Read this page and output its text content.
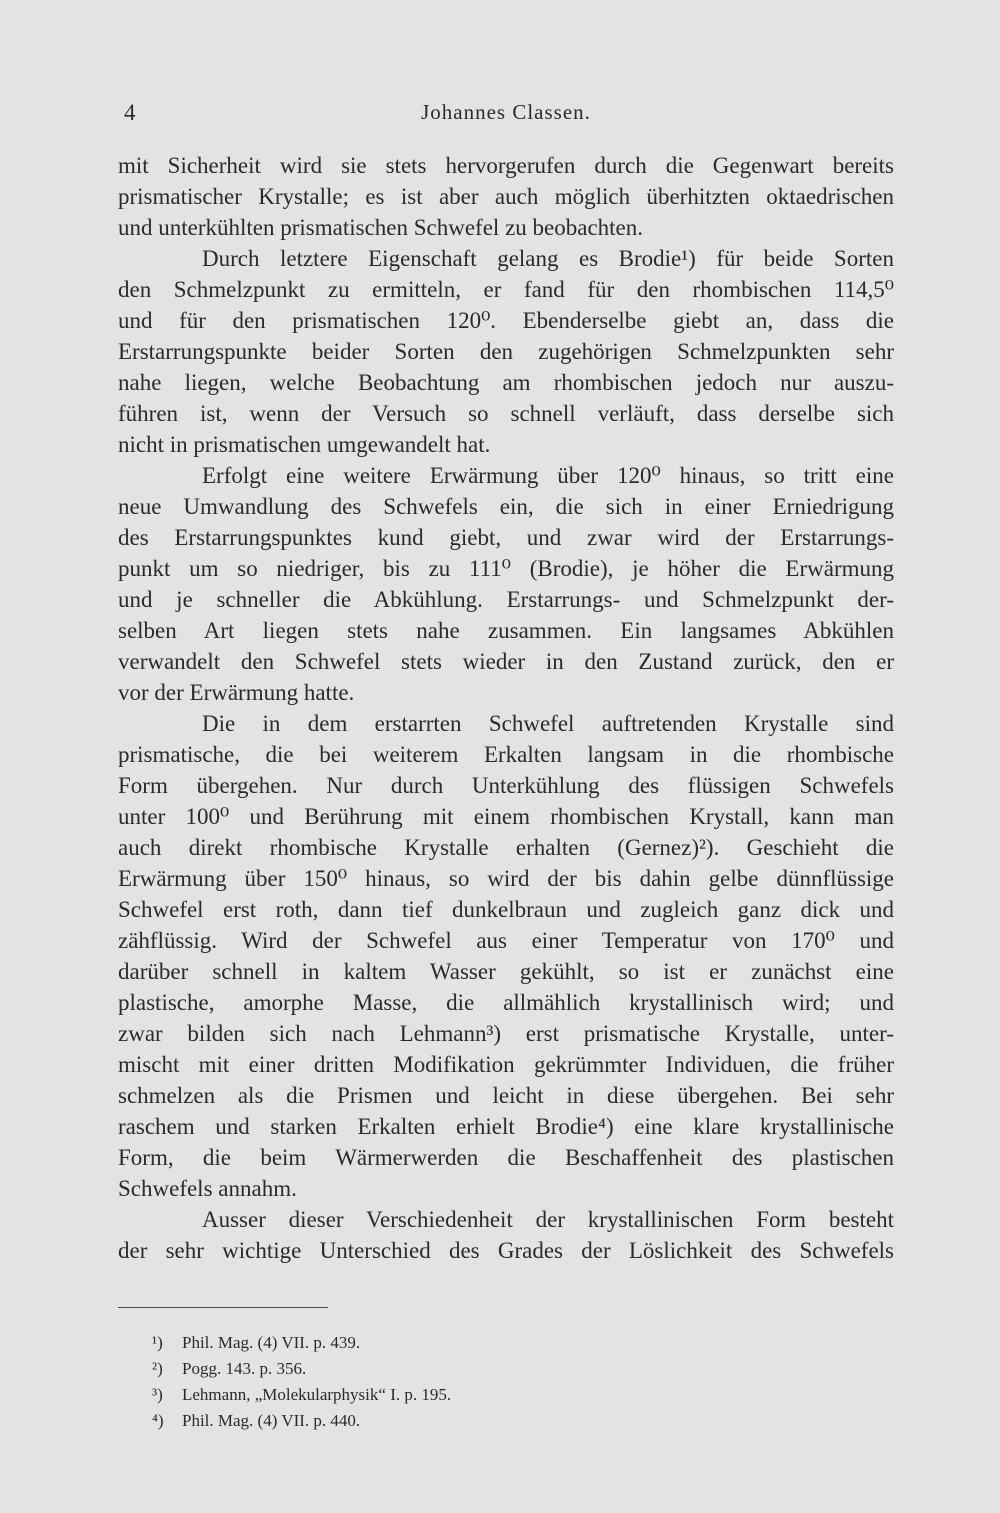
4	Johannes Classen.
mit Sicherheit wird sie stets hervorgerufen durch die Gegenwart bereits
prismatischer Krystalle; es ist aber auch möglich überhitzten oktaedrischen
und unterkühlten prismatischen Schwefel zu beobachten.
Durch letztere Eigenschaft gelang es Brodie¹) für beide Sorten
den Schmelzpunkt zu ermitteln, er fand für den rhombischen 114,5⁰
und für den prismatischen 120⁰. Ebenderselbe giebt an, dass die
Erstarrungspunkte beider Sorten den zugehörigen Schmelzpunkten sehr
nahe liegen, welche Beobachtung am rhombischen jedoch nur auszu-
führen ist, wenn der Versuch so schnell verläuft, dass derselbe sich
nicht in prismatischen umgewandelt hat.
Erfolgt eine weitere Erwärmung über 120⁰ hinaus, so tritt eine
neue Umwandlung des Schwefels ein, die sich in einer Erniedrigung
des Erstarrungspunktes kund giebt, und zwar wird der Erstarrungs-
punkt um so niedriger, bis zu 111⁰ (Brodie), je höher die Erwärmung
und je schneller die Abkühlung. Erstarrungs- und Schmelzpunkt der-
selben Art liegen stets nahe zusammen. Ein langsames Abkühlen
verwandelt den Schwefel stets wieder in den Zustand zurück, den er
vor der Erwärmung hatte.
Die in dem erstarrten Schwefel auftretenden Krystalle sind
prismatische, die bei weiterem Erkalten langsam in die rhombische
Form übergehen. Nur durch Unterkühlung des flüssigen Schwefels
unter 100⁰ und Berührung mit einem rhombischen Krystall, kann man
auch direkt rhombische Krystalle erhalten (Gernez)²). Geschieht die
Erwärmung über 150⁰ hinaus, so wird der bis dahin gelbe dünnflüssige
Schwefel erst roth, dann tief dunkelbraun und zugleich ganz dick und
zähflüssig. Wird der Schwefel aus einer Temperatur von 170⁰ und
darüber schnell in kaltem Wasser gekühlt, so ist er zunächst eine
plastische, amorphe Masse, die allmählich krystallinisch wird; und
zwar bilden sich nach Lehmann³) erst prismatische Krystalle, unter-
mischt mit einer dritten Modifikation gekrümmter Individuen, die früher
schmelzen als die Prismen und leicht in diese übergehen. Bei sehr
raschem und starken Erkalten erhielt Brodie⁴) eine klare krystallinische
Form, die beim Wärmerwerden die Beschaffenheit des plastischen
Schwefels annahm.
Ausser dieser Verschiedenheit der krystallinischen Form besteht
der sehr wichtige Unterschied des Grades der Löslichkeit des Schwefels
¹) Phil. Mag. (4) VII. p. 439.
²) Pogg. 143. p. 356.
³) Lehmann, „Molekularphysik“ I. p. 195.
⁴) Phil. Mag. (4) VII. p. 440.
